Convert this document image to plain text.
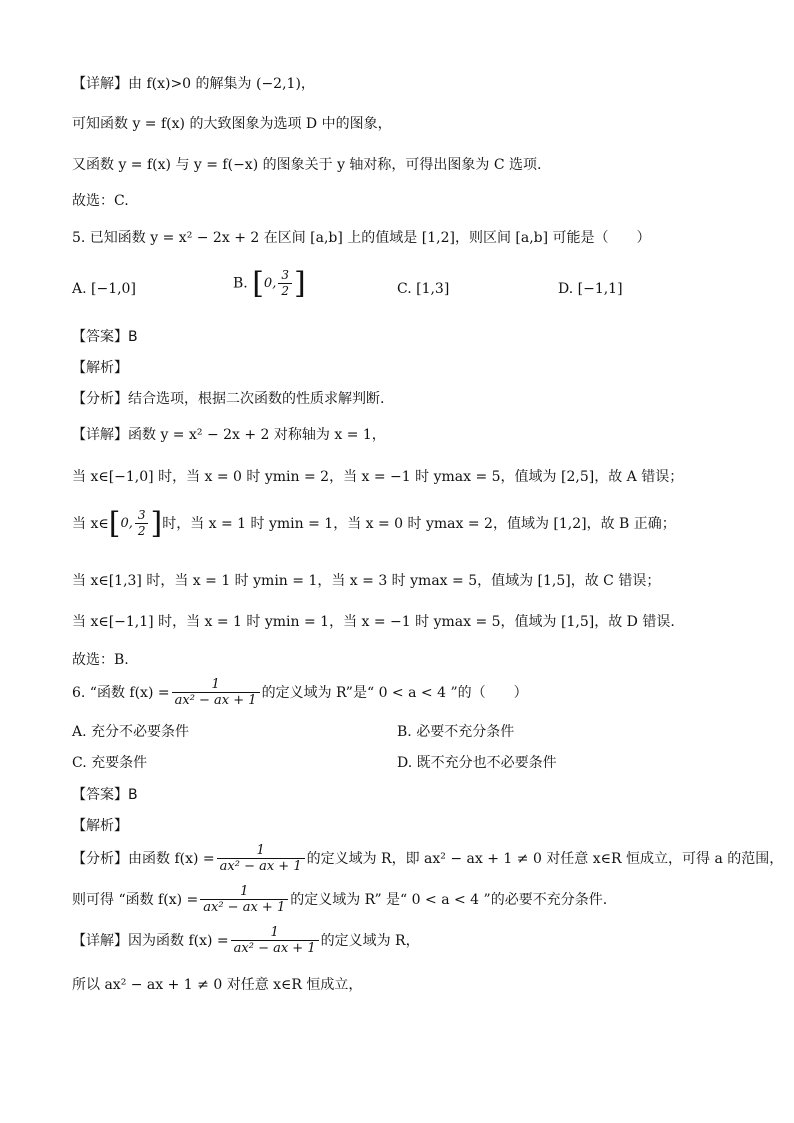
【详解】由 f(x)>0 的解集为 (−2,1)，
可知函数 y = f(x) 的大致图象为选项 D 中的图象，
又函数 y = f(x) 与 y = f(−x) 的图象关于 y 轴对称，可得出图象为 C 选项.
故选：C.
5. 已知函数 y = x² − 2x + 2 在区间 [a,b] 上的值域是 [1,2]，则区间 [a,b] 可能是（　　）
A. [−1,0]	B. [ 0, $\frac{3}{2}$ ]	C. [1,3]	D. [−1,1]
【答案】B
【解析】
【分析】结合选项，根据二次函数的性质求解判断.
【详解】函数 y = x² − 2x + 2 对称轴为 x = 1，
当 x∈[−1,0] 时，当 x = 0 时 ymin = 2，当 x = −1 时 ymax = 5，值域为 [2,5]，故 A 错误；
当 x∈ [ 0, $\frac{3}{2}$ ] 时，当 x = 1 时 ymin = 1，当 x = 0 时 ymax = 2，值域为 [1,2]，故 B 正确；
当 x∈[1,3] 时，当 x = 1 时 ymin = 1，当 x = 3 时 ymax = 5，值域为 [1,5]，故 C 错误；
当 x∈[−1,1] 时，当 x = 1 时 ymin = 1，当 x = −1 时 ymax = 5，值域为 [1,5]，故 D 错误.
故选：B.
6. “函数 $f(x) = \frac{1}{\text{ax² − ax + 1}}$ 的定义域为 R”是“ 0 < a < 4 ”的（　　）
A. 充分不必要条件	B. 必要不充分条件
C. 充要条件	D. 既不充分也不必要条件
【答案】B
【解析】
【分析】由函数 $f(x) = \frac{1}{\text{ax² − ax + 1}}$ 的定义域为 R，即 ax² − ax + 1 ≠ 0 对任意 x∈R 恒成立，可得 a 的范围，
则可得 “函数 $f(x) = \frac{1}{\text{ax² − ax + 1}}$ 的定义域为 R” 是“ 0 < a < 4 ”的必要不充分条件.
【详解】因为函数 $f(x) = \frac{1}{\text{ax² − ax + 1}}$ 的定义域为 R，
所以 ax² − ax + 1 ≠ 0 对任意 x∈R 恒成立，
